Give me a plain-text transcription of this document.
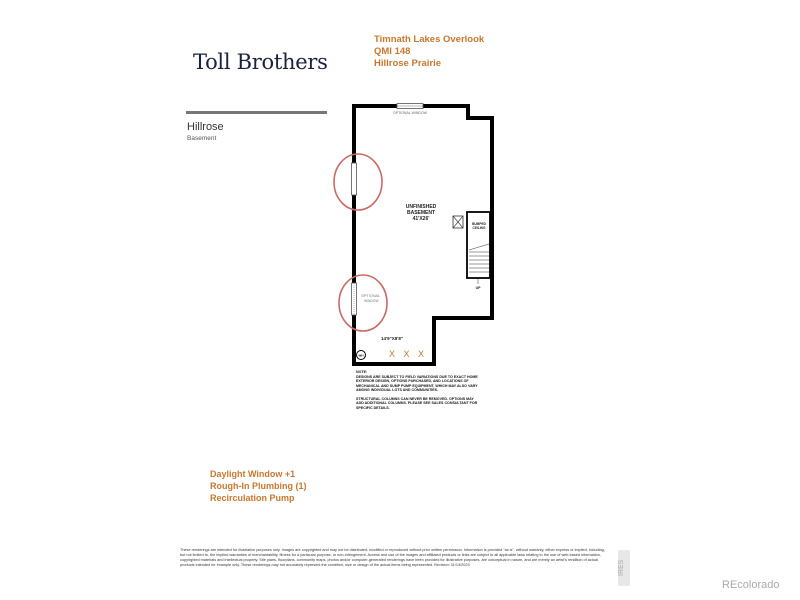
Toll Brothers
Timnath Lakes Overlook
QMI 148
Hillrose Prairie
Hillrose
Basement
OPTIONAL WINDOW
OPTIONAL
WINDOW
UNFINISHED
BASEMENT
41'X26'
BUMPED
CEILING
UP
14'9"X8'8"
WH	X X X

NOTE:
DESIGNS ARE SUBJECT TO FIELD VARIATIONS DUE TO EXACT HOME EXTERIOR DESIGN, OPTIONS PURCHASED, AND LOCATIONS OF MECHANICAL AND SUMP PUMP EQUIPMENT, WHICH MAY ALSO VARY AMONG INDIVIDUAL LOTS AND COMMUNITIES.

STRUCTURAL COLUMNS CAN NEVER BE REMOVED. OPTIONS MAY ADD ADDITIONAL COLUMNS. PLEASE SEE SALES CONSULTANT FOR SPECIFIC DETAILS.

Daylight Window +1
Rough-In Plumbing (1)
Recirculation Pump
These renderings are intended for illustrative purposes only. Images are copyrighted and may not be distributed, modified or reproduced without prior written permission. Information is provided "as is", without warranty, either express or implied, including, but not limited to, the implied warranties of merchantability, fitness for a particular purpose, or non-infringement. Access and use of the images and affiliated products or links are subject to all applicable laws relating to the use of web-based information, copyrighted materials and intellectual property. Site plans, floorplans, community maps, photos and/or computer-generated renderings have been provided for illustrative purposes, are conceptual in nature, and are merely an artist's rendition of actual products intended for example only. These renderings may not accurately represent the condition, size or design of the actual items being represented. Revision: 11/13/2023	IRES
REcolorado
